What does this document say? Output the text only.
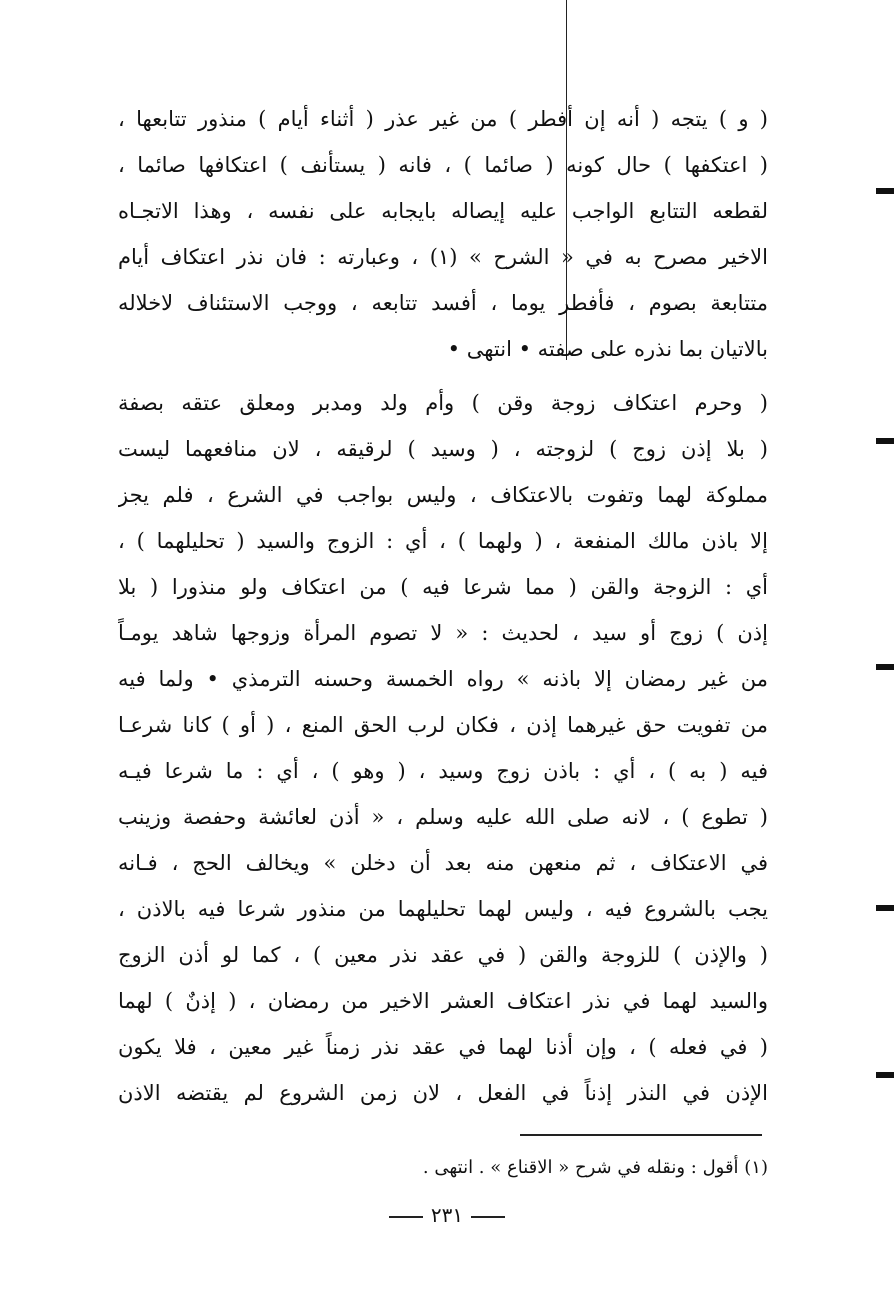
( و ) يتجه ( أنه إن أفطر ) من غير عذر ( أثناء أيام ) منذور تتابعها ،
( اعتكفها ) حال كونه ( صائما ) ، فانه ( يستأنف ) اعتكافها صائما ،
لقطعه التتابع الواجب عليه إيصاله بايجابه على نفسه ، وهذا الاتجـاه
الاخير مصرح به في « الشرح » (١) ، وعبارته : فان نذر اعتكاف أيام
متتابعة بصوم ، فأفطر يوما ، أفسد تتابعه ، ووجب الاستئناف لاخلاله
بالاتيان بما نذره على صفته • انتهى •
( وحرم اعتكاف زوجة وقن ) وأم ولد ومدبر ومعلق عتقه بصفة
( بلا إذن زوج ) لزوجته ، ( وسيد ) لرقيقه ، لان منافعهما ليست
مملوكة لهما وتفوت بالاعتكاف ، وليس بواجب في الشرع ، فلم يجز
إلا باذن مالك المنفعة ، ( ولهما ) ، أي : الزوج والسيد ( تحليلهما ) ،
أي : الزوجة والقن ( مما شرعا فيه ) من اعتكاف ولو منذورا ( بلا
إذن ) زوج أو سيد ، لحديث : « لا تصوم المرأة وزوجها شاهد يومـاً
من غير رمضان إلا باذنه » رواه الخمسة وحسنه الترمذي • ولما فيه
من تفويت حق غيرهما إذن ، فكان لرب الحق المنع ، ( أو ) كانا شرعـا
فيه ( به ) ، أي : باذن زوج وسيد ، ( وهو ) ، أي : ما شرعا فيـه
( تطوع ) ، لانه صلى الله عليه وسلم ، « أذن لعائشة وحفصة وزينب
في الاعتكاف ، ثم منعهن منه بعد أن دخلن » ويخالف الحج ، فـانه
يجب بالشروع فيه ، وليس لهما تحليلهما من منذور شرعا فيه بالاذن ،
( والإذن ) للزوجة والقن ( في عقد نذر معين ) ، كما لو أذن الزوج
والسيد لهما في نذر اعتكاف العشر الاخير من رمضان ، ( إذنٌ ) لهما
( في فعله ) ، وإن أذنا لهما في عقد نذر زمناً غير معين ، فلا يكون
الإذن في النذر إذناً في الفعل ، لان زمن الشروع لم يقتضه الاذن
(١) أقول : ونقله في شرح « الاقناع » . انتهى .
٢٣١
